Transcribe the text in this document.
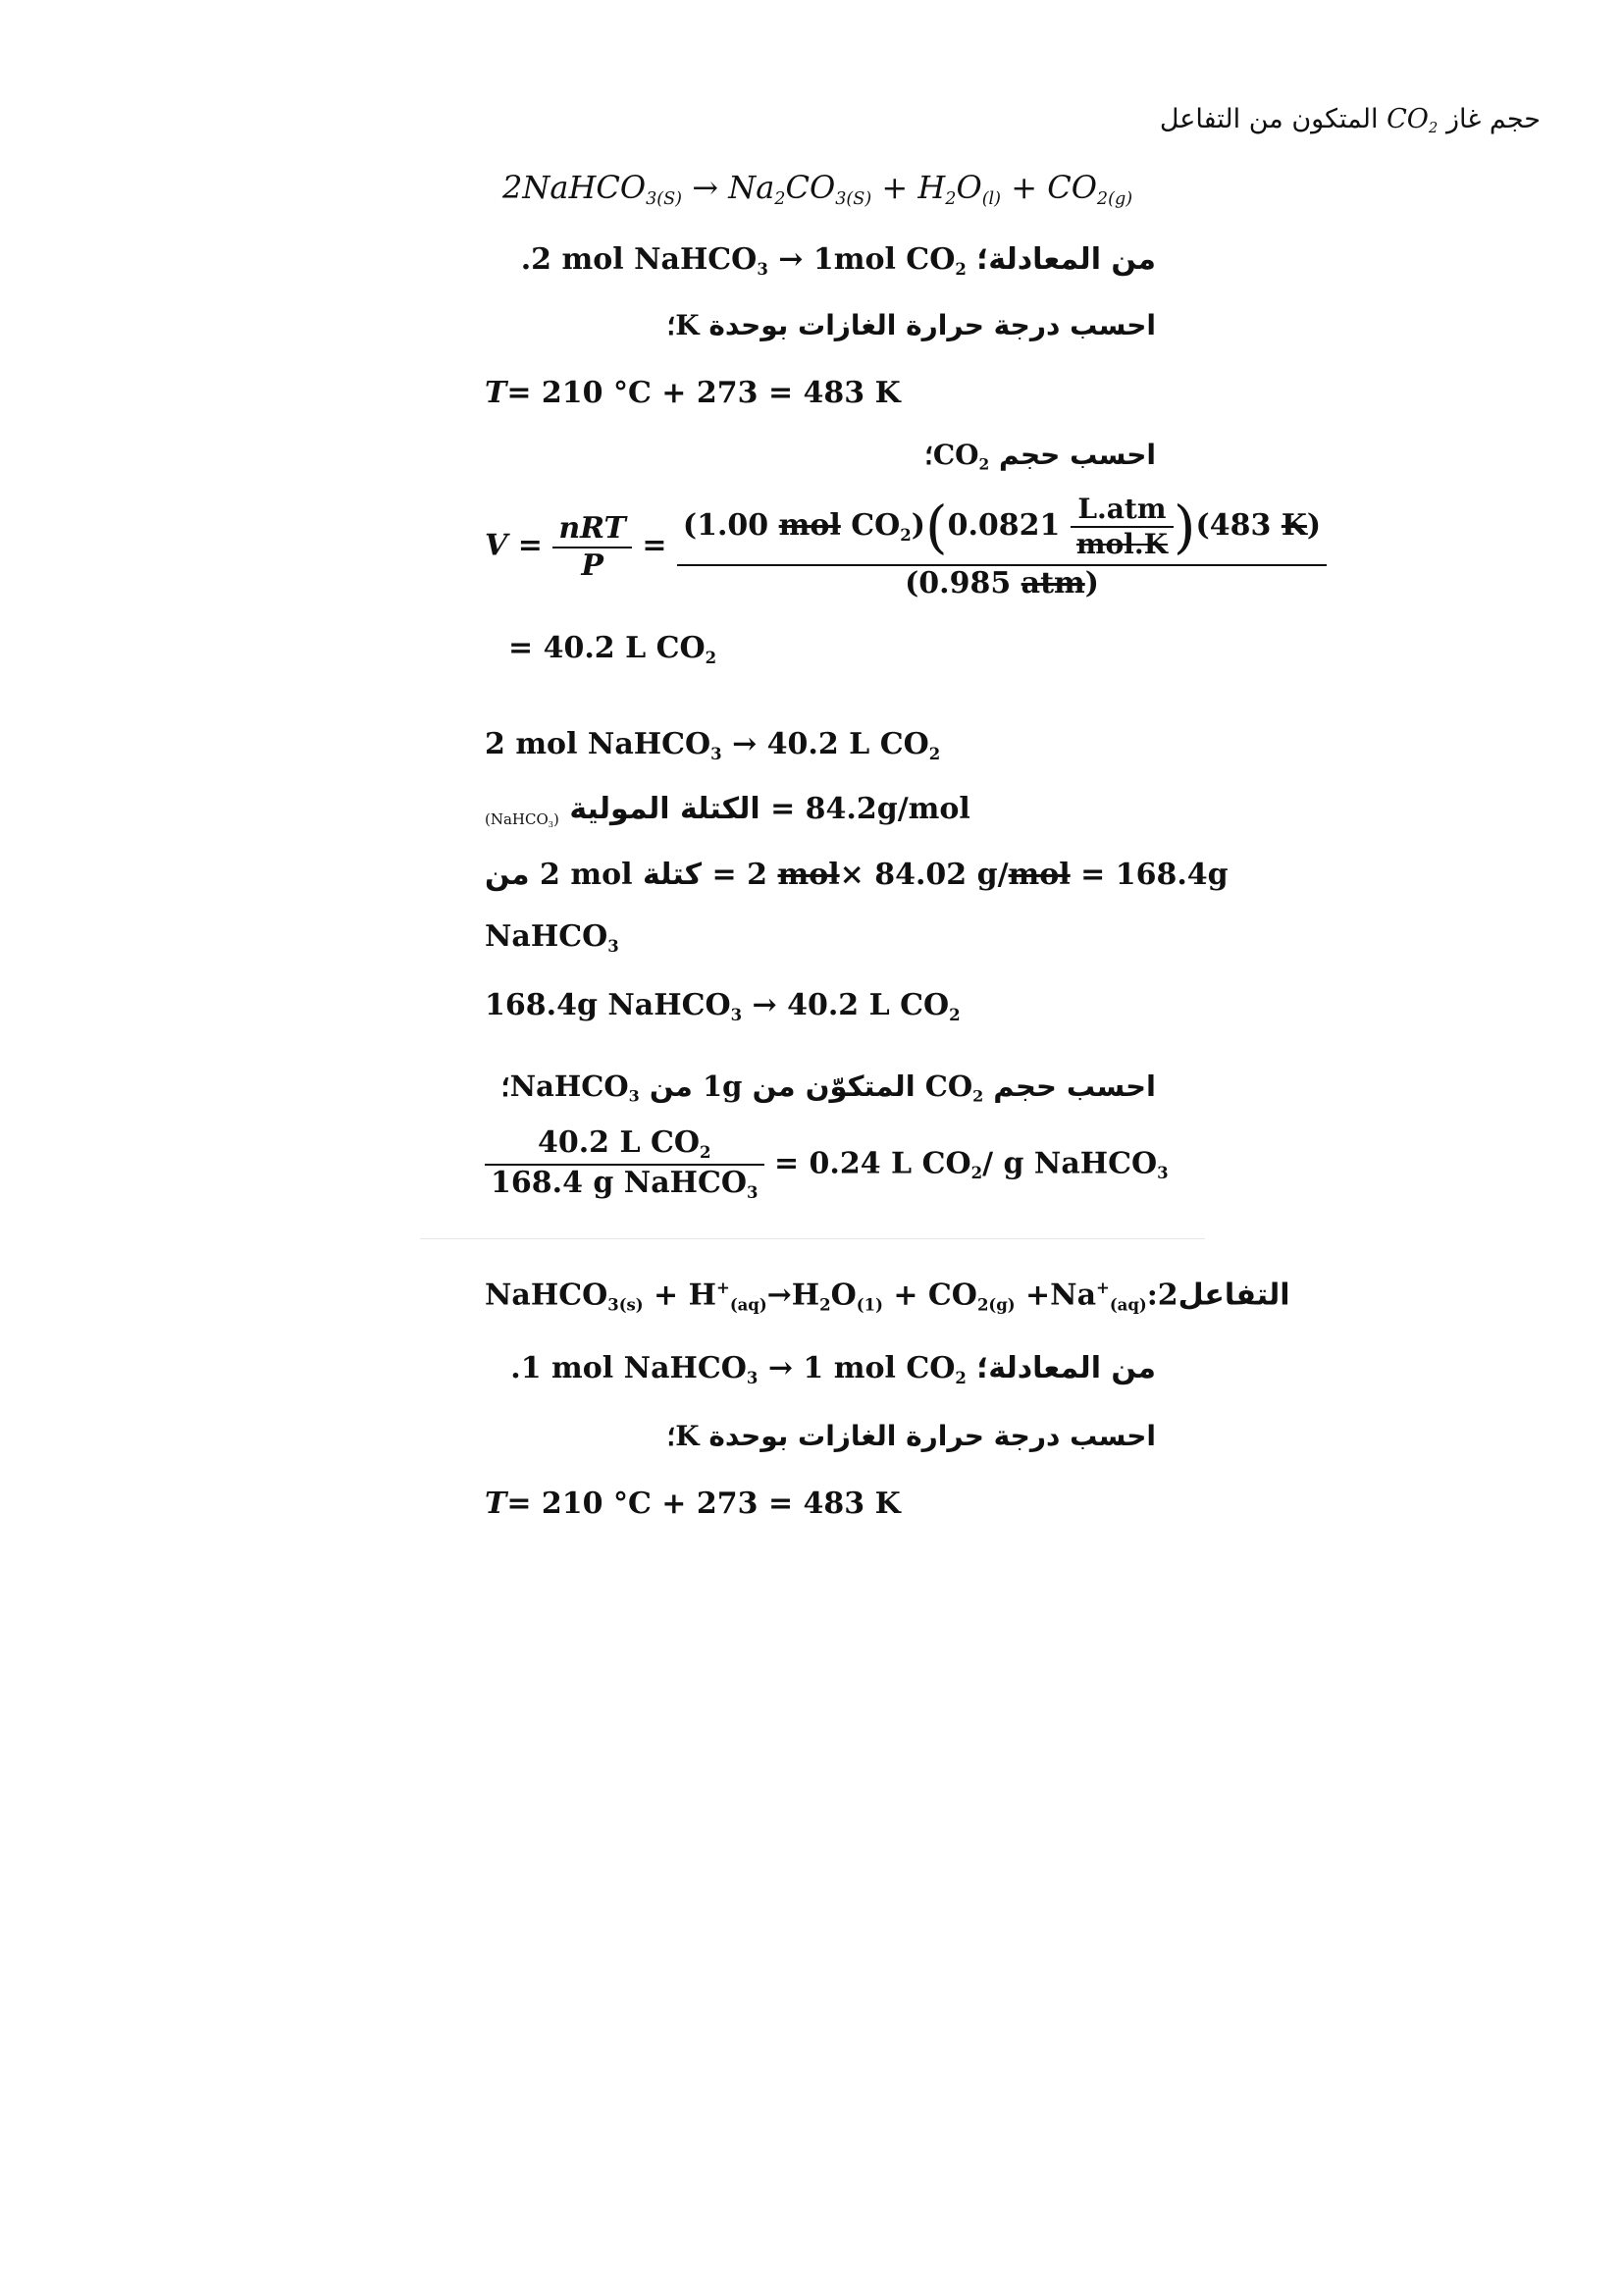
حجم غاز $CO_2$ المتكون من التفاعل
2NaHCO$_{3(S)}$ → $Na_2CO_{3(S)} + H_2O_{(l)} + CO_{2(g)}$
من المعادلة؛ .2 mol NaHCO$_3$ → 1mol $CO_2$
احسب درجة حرارة الغازات بوحدة K؛
T= 210 °C + 273 = 483 K
احسب حجم $CO_2؛$
$V = \frac{\text{nRT}}{P}$ =
(1.00 mol $CO_2)(0.0821 \frac{\text{L.atm}}{\text{mol.K}} )(483$ K)
(0.985 atm)
= 40.2 L $CO_2$
2 mol NaHCO$_3$ → 40.2 L $CO_2$
$_{(NaHCO_3)}$ الكتلة المولية = 84.2g/mol
من 2 mol كتلة = 2 mol× 84.02 g/mol = 168.4g
NaHCO$_3$
168.4g NaHCO$_3$ → 40.2 L $CO_2$
احسب حجم $CO_2$ المتكوّن من 1g من NaHCO$_3$؛
$\frac{40.2 L CO_2}{168.4 g NaHCO_3} = 0.24$ L $CO_2/$ g NaHCO$_3$
NaHCO$_{3(s)}$ + $H^+_{(aq)}\to H_2O_{(1)} + CO_{2(g)}$ $+Na^+_{(aq)}:2التفاعل$
من المعادلة؛ .1 mol NaHCO$_3$ → 1 mol $CO_2$
احسب درجة حرارة الغازات بوحدة K؛
T= 210 °C + 273 = 483 K
